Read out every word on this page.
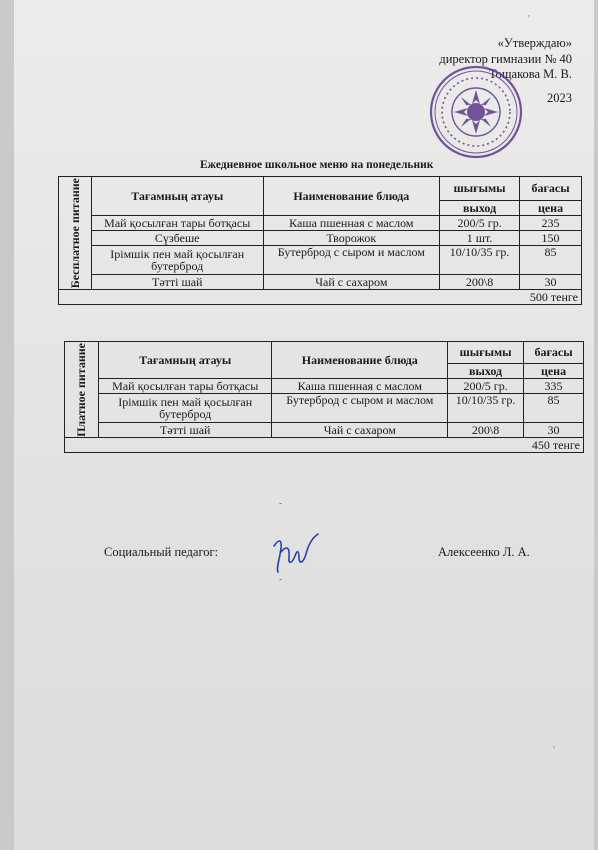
«Утверждаю»
директор гимназии № 40
Тощакова М. В.
2023
Ежедневное школьное меню на понедельник
Бесплатное питание	Тағамның атауы	Наименование блюда	шығымы	бағасы
			выход	цена
	Май қосылған тары ботқасы	Каша пшенная с маслом	200/5 гр.	235
	Сүзбеше	Творожок	1 шт.	150
	Ірімшік пен май қосылған бутерброд	Бутерброд с сыром и маслом	10/10/35 гр.	85
	Тәтті шай	Чай с сахаром	200\8	30
500 тенге				
Платное питание	Тағамның атауы	Наименование блюда	шығымы	бағасы
			выход	цена
	Май қосылған тары ботқасы	Каша пшенная с маслом	200/5 гр.	335
	Ірімшік пен май қосылған бутерброд	Бутерброд с сыром и маслом	10/10/35 гр.	85
	Тәтті шай	Чай с сахаром	200\8	30
450 тенге				
Социальный педагог:	Алексеенко Л. А.
'
-
-
'
